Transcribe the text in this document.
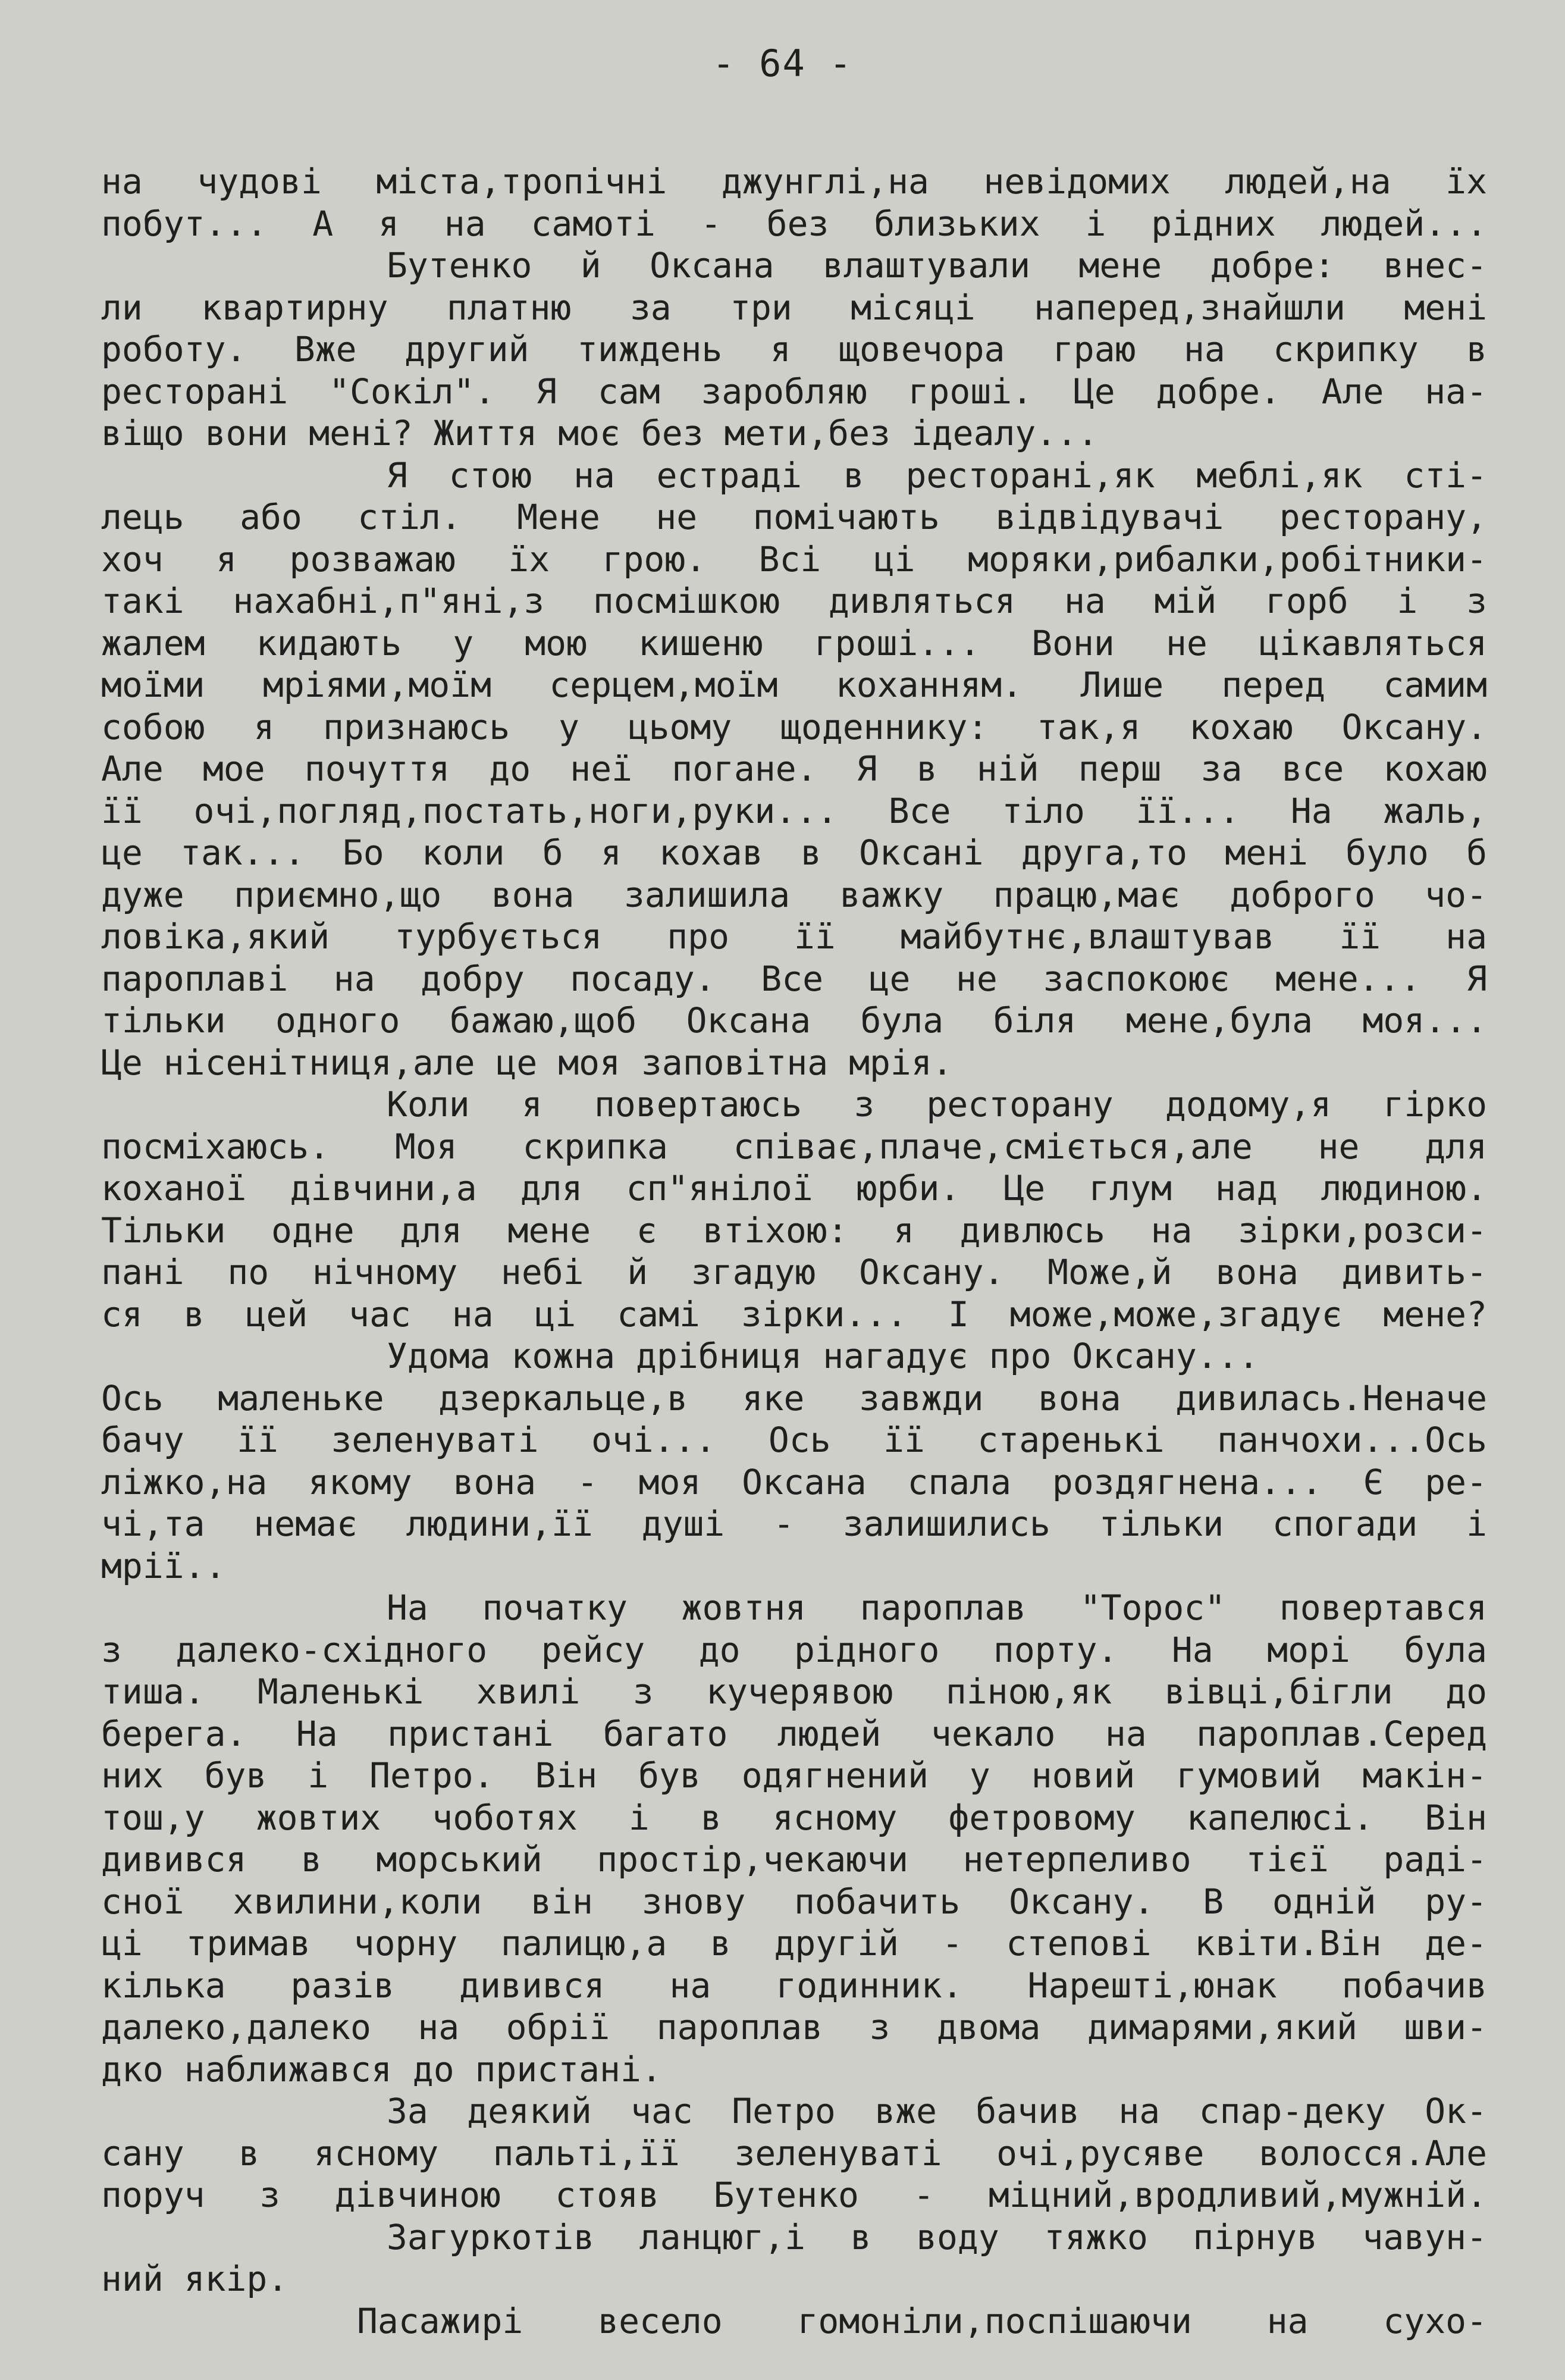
- 64 -
на чудові міста,тропічні джунглі,на невідомих людей,на їх
побут... А я на самоті - без близьких і рідних людей...
Бутенко й Оксана влаштували мене добре: внес-
ли квартирну платню за три місяці наперед,знайшли мені
роботу. Вже другий тиждень я щовечора граю на скрипку в
ресторані "Сокіл". Я сам заробляю гроші. Це добре. Але на-
віщо вони мені? Життя моє без мети,без ідеалу...
Я стою на естраді в ресторані,як меблі,як сті-
лець або стіл. Мене не помічають відвідувачі ресторану,
хоч я розважаю їх грою. Всі ці моряки,рибалки,робітники-
такі нахабні,п"яні,з посмішкою дивляться на мій горб і з
жалем кидають у мою кишеню гроші... Вони не цікавляться
моїми мріями,моїм серцем,моїм коханням. Лише перед самим
собою я признаюсь у цьому щоденнику: так,я кохаю Оксану.
Але мое почуття до неї погане. Я в ній перш за все кохаю
її очі,погляд,постать,ноги,руки... Все тіло її... На жаль,
це так... Бо коли б я кохав в Оксані друга,то мені було б
дуже приємно,що вона залишила важку працю,має доброго чо-
ловіка,який турбується про її майбутнє,влаштував її на
пароплаві на добру посаду. Все це не заспокоює мене... Я
тільки одного бажаю,щоб Оксана була біля мене,була моя...
Це нісенітниця,але це моя заповітна мрія.
Коли я повертаюсь з ресторану додому,я гірко
посміхаюсь. Моя скрипка співає,плаче,сміється,але не для
коханої дівчини,а для сп"янілої юрби. Це глум над людиною.
Тільки одне для мене є втіхою: я дивлюсь на зірки,розси-
пані по нічному небі й згадую Оксану. Може,й вона дивить-
ся в цей час на ці самі зірки... І може,може,згадує мене?
Удома кожна дрібниця нагадує про Оксану...
Ось маленьке дзеркальце,в яке завжди вона дивилась.Неначе
бачу її зеленуваті очі... Ось її старенькі панчохи...Ось
ліжко,на якому вона - моя Оксана спала роздягнена... Є ре-
чі,та немає людини,її душі - залишились тільки спогади і
мрії..
На початку жовтня пароплав "Торос" повертався
з далеко-східного рейсу до рідного порту. На морі була
тиша. Маленькі хвилі з кучерявою піною,як вівці,бігли до
берега. На пристані багато людей чекало на пароплав.Серед
них був і Петро. Він був одягнений у новий гумовий макін-
тош,у жовтих чоботях і в ясному фетровому капелюсі. Він
дивився в морський простір,чекаючи нетерпеливо тієї раді-
сної хвилини,коли він знову побачить Оксану. В одній ру-
ці тримав чорну палицю,а в другій - степові квіти.Він де-
кілька разів дивився на годинник. Нарешті,юнак побачив
далеко,далеко на обрії пароплав з двома димарями,який шви-
дко наближався до пристані.
За деякий час Петро вже бачив на спар-деку Ок-
сану в ясному пальті,її зеленуваті очі,русяве волосся.Але
поруч з дівчиною стояв Бутенко - міцний,вродливий,мужній.
Загуркотів ланцюг,і в воду тяжко пірнув чавун-
ний якір.
Пасажирі весело гомоніли,поспішаючи на сухо-
